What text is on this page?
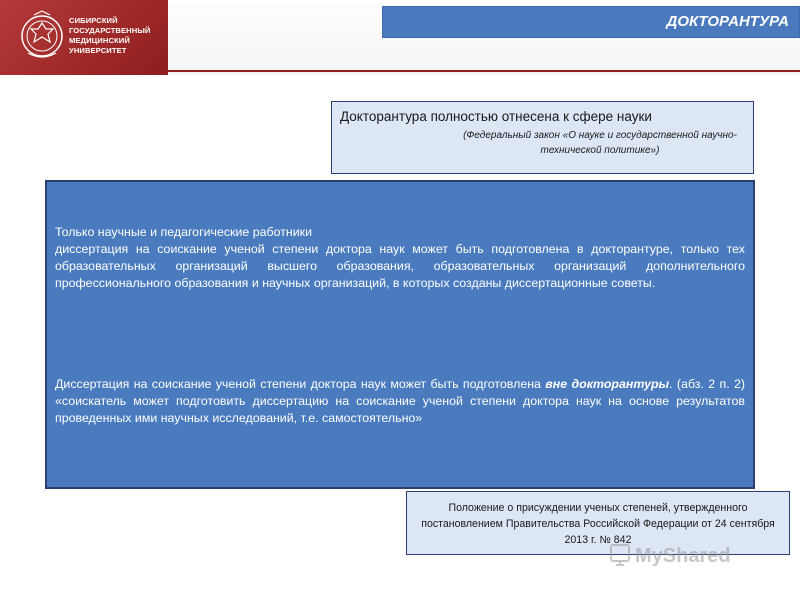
СИБИРСКИЙ
ГОСУДАРСТВЕННЫЙ
МЕДИЦИНСКИЙ
УНИВЕРСИТЕТ
ДОКТОРАНТУРА
Докторантура полностью отнесена к сфере науки
(Федеральный закон «О науке и государственной научно-технической политике»)
Только научные и педагогические работники
диссертация на соискание ученой степени доктора наук может быть подготовлена в докторантуре, только тех образовательных организаций высшего образования, образовательных организаций дополнительного профессионального образования и научных организаций, в которых созданы диссертационные советы.
Диссертация на соискание ученой степени доктора наук может быть подготовлена вне докторантуры. (абз. 2 п. 2) «соискатель может подготовить диссертацию на соискание ученой степени доктора наук на основе результатов проведенных ими научных исследований, т.е. самостоятельно»
Положение о присуждении ученых степеней, утвержденного постановлением Правительства Российской Федерации от 24 сентября 2013 г. № 842
MyShared
